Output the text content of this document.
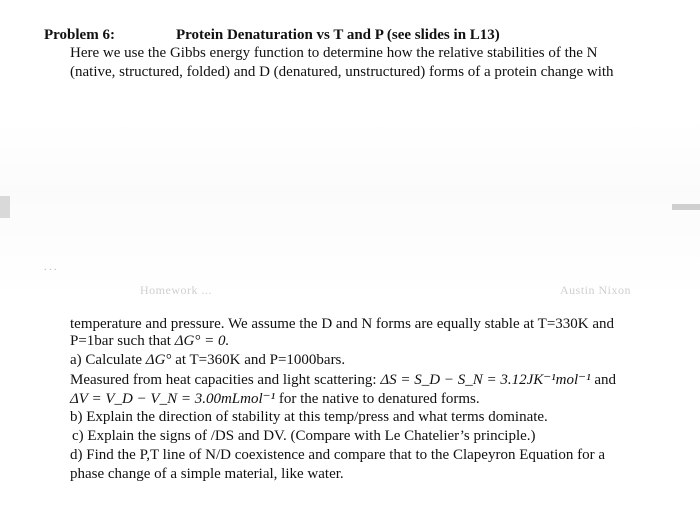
Problem 6:	Protein Denaturation vs T and P (see slides in L13)
Here we use the Gibbs energy function to determine how the relative stabilities of the N
(native, structured, folded) and D (denatured, unstructured) forms of a protein change with
. . .
Homework ...	Austin Nixon
temperature and pressure. We assume the D and N forms are equally stable at T=330K and
P=1bar such that ΔG° = 0.
a) Calculate ΔG° at T=360K and P=1000bars.
Measured from heat capacities and light scattering: ΔS = S_D − S_N = 3.12JK⁻¹mol⁻¹ and
ΔV = V_D − V_N = 3.00mLmol⁻¹ for the native to denatured forms.
b) Explain the direction of stability at this temp/press and what terms dominate.
c) Explain the signs of /DS and DV. (Compare with Le Chatelier’s principle.)
d) Find the P,T line of N/D coexistence and compare that to the Clapeyron Equation for a
phase change of a simple material, like water.
